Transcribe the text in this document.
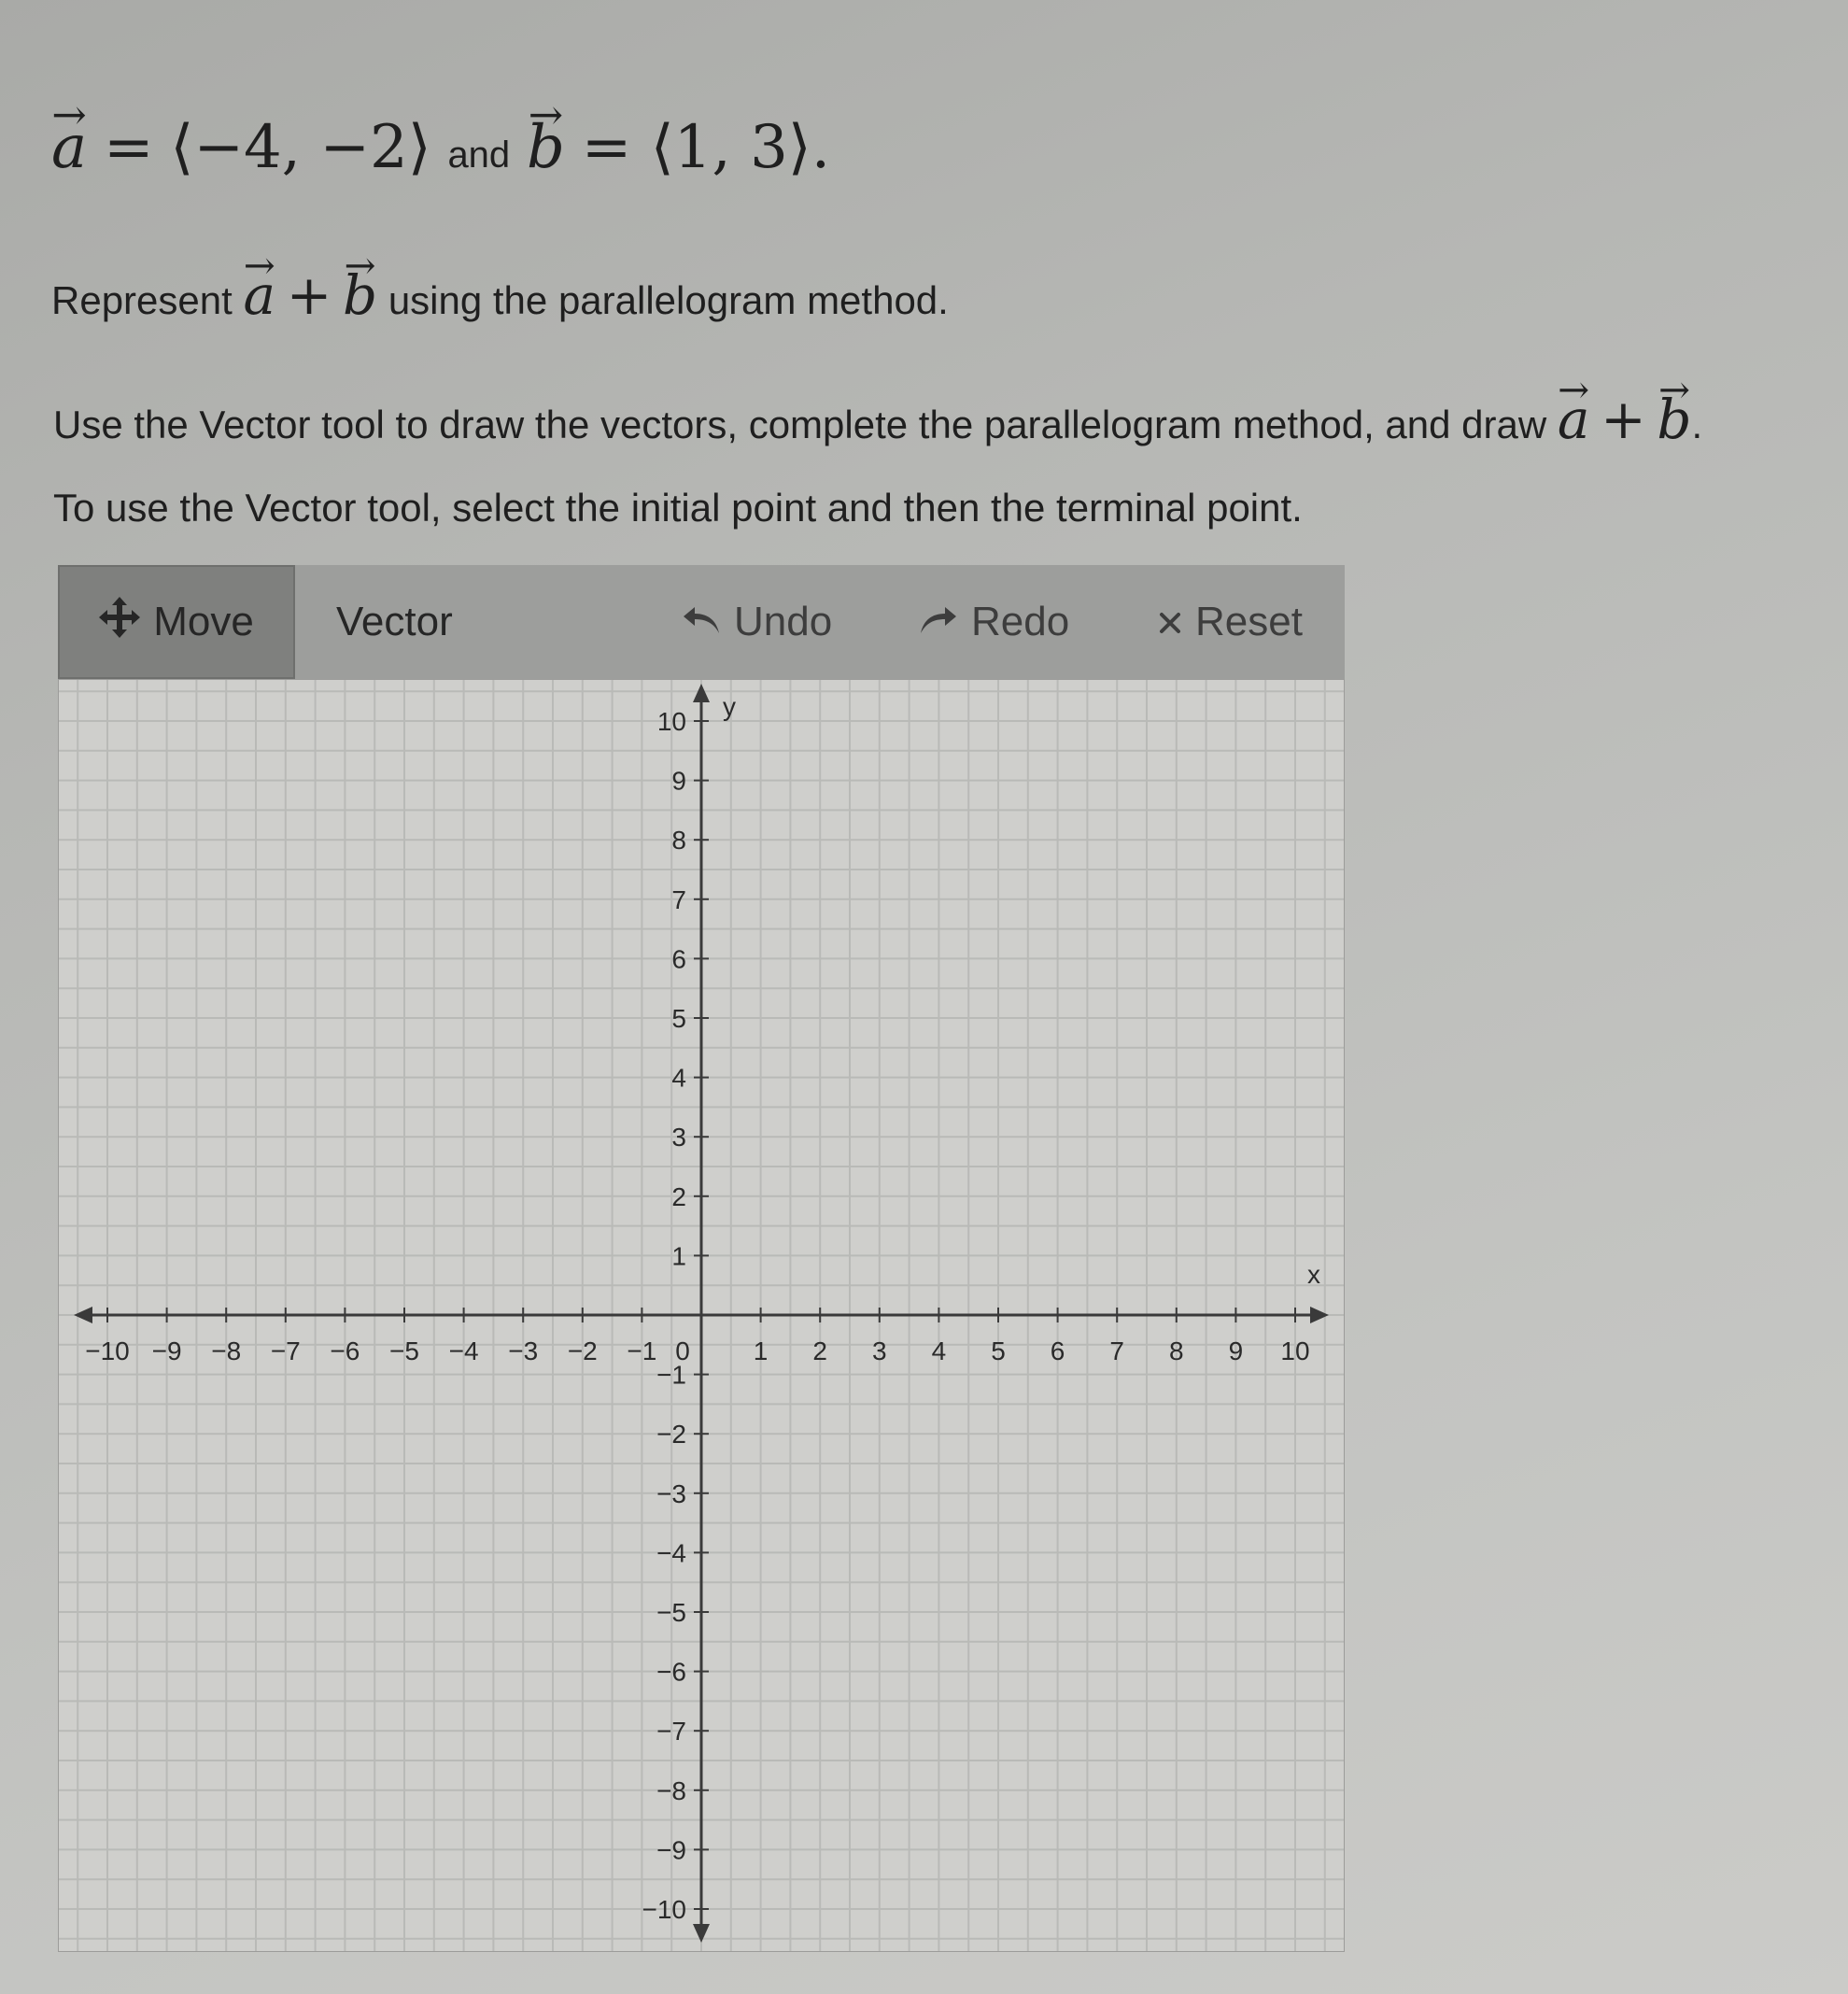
→ a = ⟨−4, −2⟩ and → b = ⟨1, 3⟩.
Represent → a + → b using the parallelogram method.
Use the Vector tool to draw the vectors, complete the parallelogram method, and draw → a + → b.
To use the Vector tool, select the initial point and then the terminal point.
Move Vector	Undo	Redo	Reset
−10 −9 −8 −7 −6 −5 −4 −3 −2 −1	1 2 3 4 5 6 7 8 9 10
10
9
8
7
6
5
4
3
2
1
−1
−2
−3
−4
−5
−6
−7
−8
−9
−10
0
x
y
